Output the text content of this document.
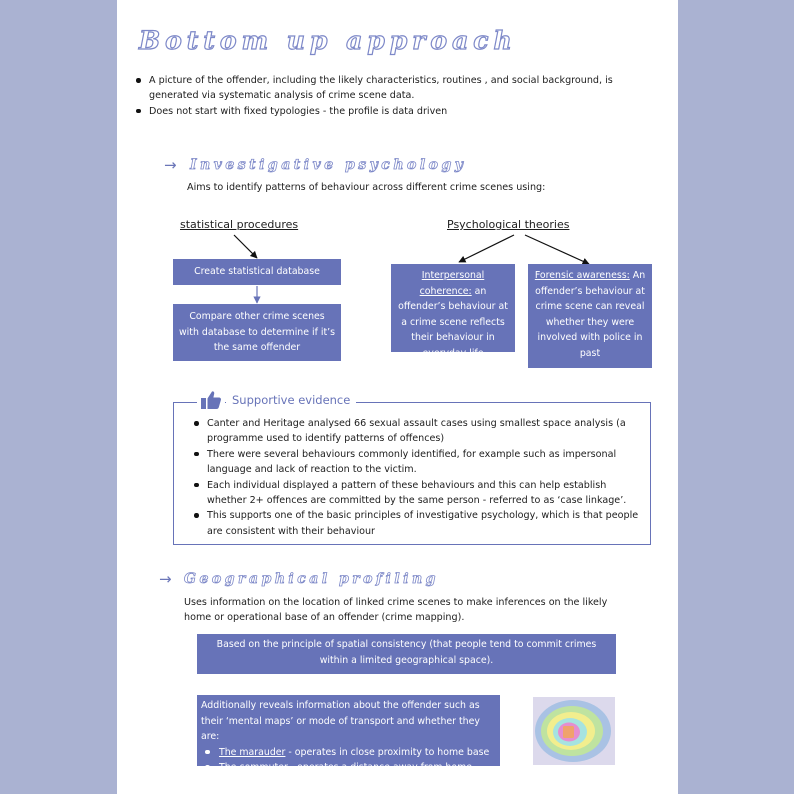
Bottom up approach
A picture of the offender, including the likely characteristics, routines , and social background, is generated via systematic analysis of crime scene data.
Does not start with fixed typologies - the profile is data driven
→ Investigative psychology
Aims to identify patterns of behaviour across different crime scenes using:
statistical procedures	Psychological theories
Create statistical database
Compare other crime scenes with database to determine if it’s the same offender
Interpersonal coherence: an offender’s behaviour at a crime scene reflects their behaviour in everyday life
Forensic awareness: An offender’s behaviour at crime scene can reveal whether they were involved with police in past
Supportive evidence
Canter and Heritage analysed 66 sexual assault cases using smallest space analysis (a programme used to identify patterns of offences)
There were several behaviours commonly identified, for example such as impersonal language and lack of reaction to the victim.
Each individual displayed a pattern of these behaviours and this can help establish whether 2+ offences are committed by the same person - referred to as ‘case linkage’.
This supports one of the basic principles of investigative psychology, which is that people are consistent with their behaviour
→ Geographical profiling
Uses information on the location of linked crime scenes to make inferences on the likely home or operational base of an offender (crime mapping).
Based on the principle of spatial consistency (that people tend to commit crimes within a limited geographical space).
Additionally reveals information about the offender such as their ‘mental maps’ or mode of transport and whether they are:
The marauder - operates in close proximity to home base
The commuter - operates a distance away from home base.
